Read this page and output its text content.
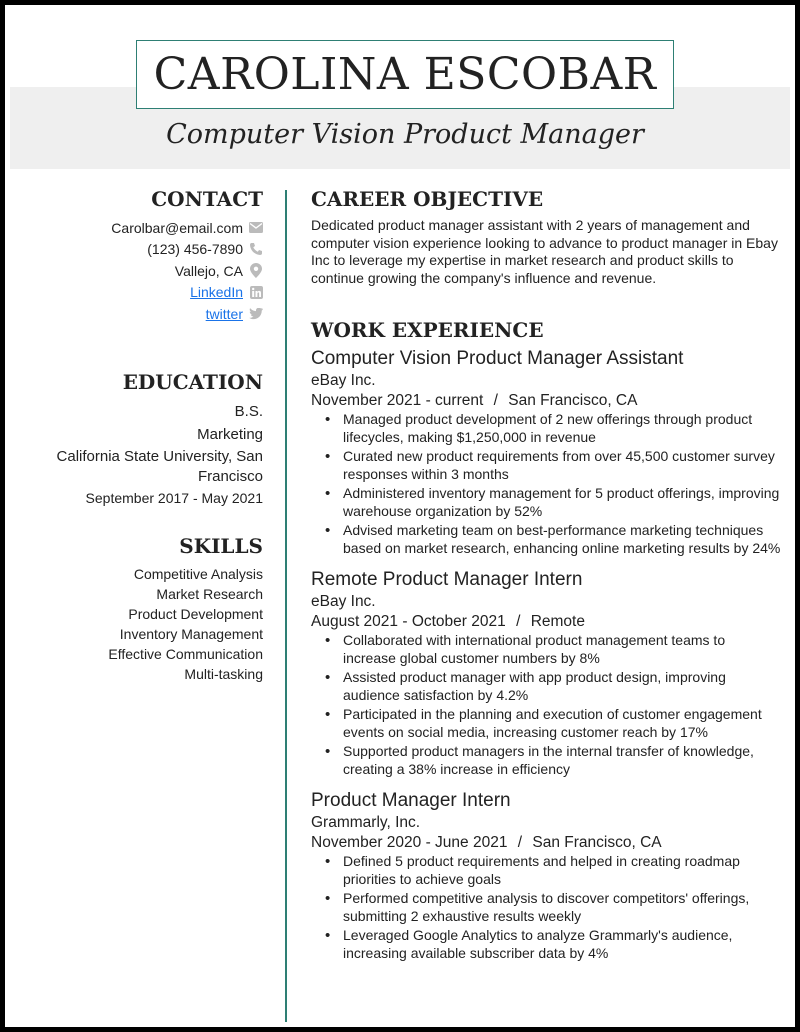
CAROLINA ESCOBAR
Computer Vision Product Manager
CONTACT
Carolbar@email.com
(123) 456-7890
Vallejo, CA
LinkedIn
twitter
EDUCATION
B.S.
Marketing
California State University, San Francisco
September 2017 - May 2021
SKILLS
Competitive Analysis
Market Research
Product Development
Inventory Management
Effective Communication
Multi-tasking
CAREER OBJECTIVE
Dedicated product manager assistant with 2 years of management and computer vision experience looking to advance to product manager in Ebay Inc to leverage my expertise in market research and product skills to continue growing the company's influence and revenue.
WORK EXPERIENCE
Computer Vision Product Manager Assistant
eBay Inc.
November 2021 - current / San Francisco, CA
• Managed product development of 2 new offerings through product lifecycles, making $1,250,000 in revenue
• Curated new product requirements from over 45,500 customer survey responses within 3 months
• Administered inventory management for 5 product offerings, improving warehouse organization by 52%
• Advised marketing team on best-performance marketing techniques based on market research, enhancing online marketing results by 24%
Remote Product Manager Intern
eBay Inc.
August 2021 - October 2021 / Remote
• Collaborated with international product management teams to increase global customer numbers by 8%
• Assisted product manager with app product design, improving audience satisfaction by 4.2%
• Participated in the planning and execution of customer engagement events on social media, increasing customer reach by 17%
• Supported product managers in the internal transfer of knowledge, creating a 38% increase in efficiency
Product Manager Intern
Grammarly, Inc.
November 2020 - June 2021 / San Francisco, CA
• Defined 5 product requirements and helped in creating roadmap priorities to achieve goals
• Performed competitive analysis to discover competitors' offerings, submitting 2 exhaustive results weekly
• Leveraged Google Analytics to analyze Grammarly's audience, increasing available subscriber data by 4%
